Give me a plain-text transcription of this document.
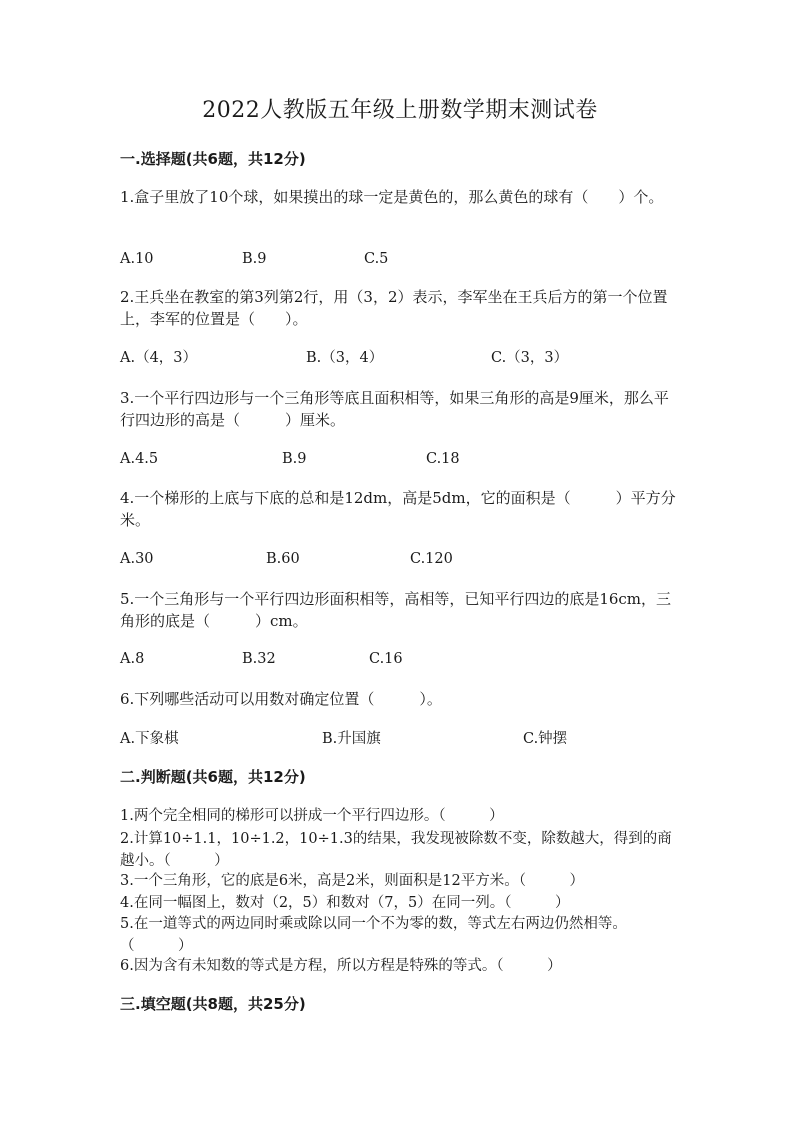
2022人教版五年级上册数学期末测试卷
一.选择题(共6题，共12分)
1.盒子里放了10个球，如果摸出的球一定是黄色的，那么黄色的球有（　　）个。
A.10	B.9	C.5
2.王兵坐在教室的第3列第2行，用（3，2）表示，李军坐在王兵后方的第一个位置上，李军的位置是（　　）。
A.（4，3）	B.（3，4）	C.（3，3）
3.一个平行四边形与一个三角形等底且面积相等，如果三角形的高是9厘米，那么平行四边形的高是（　　　）厘米。
A.4.5	B.9	C.18
4.一个梯形的上底与下底的总和是12dm，高是5dm，它的面积是（　　　）平方分米。
A.30	B.60	C.120
5.一个三角形与一个平行四边形面积相等，高相等，已知平行四边的底是16cm，三角形的底是（　　　）cm。
A.8	B.32	C.16
6.下列哪些活动可以用数对确定位置（　　　）。
A.下象棋	B.升国旗	C.钟摆
二.判断题(共6题，共12分)
1.两个完全相同的梯形可以拼成一个平行四边形。（　　　）
2.计算10÷1.1，10÷1.2，10÷1.3的结果，我发现被除数不变，除数越大，得到的商越小。（　　　）
3.一个三角形，它的底是6米，高是2米，则面积是12平方米。（　　　）
4.在同一幅图上，数对（2，5）和数对（7，5）在同一列。（　　　）
5.在一道等式的两边同时乘或除以同一个不为零的数，等式左右两边仍然相等。（　　　）
6.因为含有未知数的等式是方程，所以方程是特殊的等式。（　　　）
三.填空题(共8题，共25分)
